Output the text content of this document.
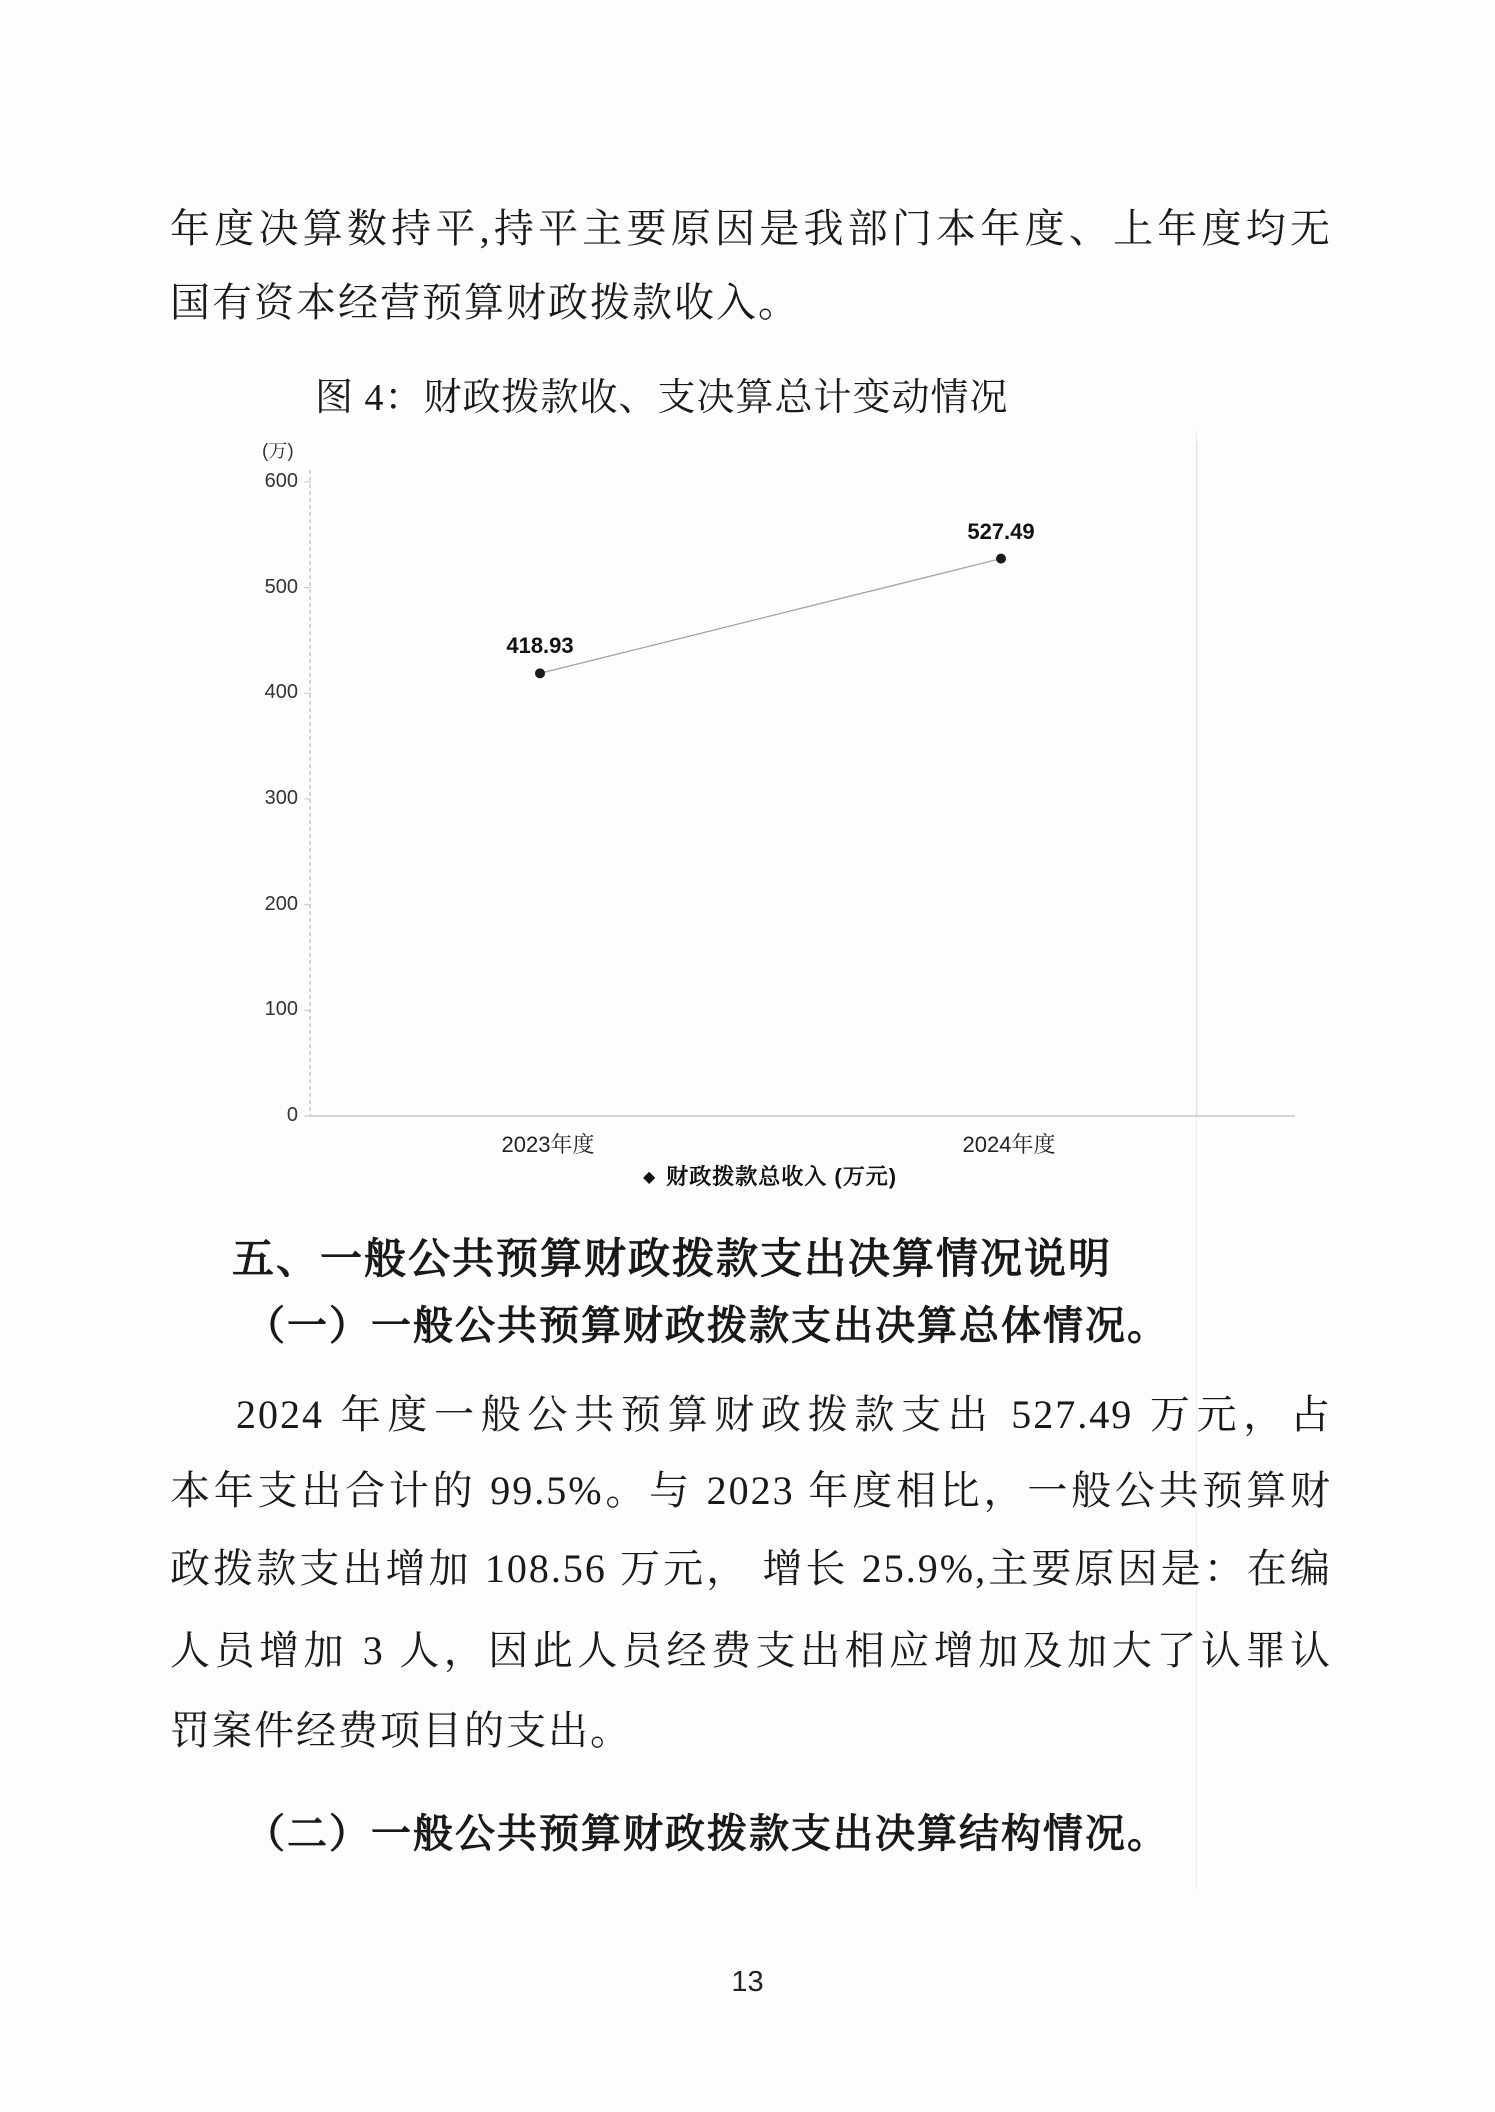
年度决算数持平,持平主要原因是我部门本年度、上年度均无
国有资本经营预算财政拨款收入。
图 4：财政拨款收、支决算总计变动情况
(万)
0
100
200
300
400
500
600
418.93
527.49
2023年度	2024年度
◆ 财政拨款总收入 (万元)
五、一般公共预算财政拨款支出决算情况说明
（一）一般公共预算财政拨款支出决算总体情况。
2024 年度一般公共预算财政拨款支出 527.49 万元，占
本年支出合计的 99.5%。与 2023 年度相比，一般公共预算财
政拨款支出增加 108.56 万元， 增长 25.9%,主要原因是：在编
人员增加 3 人，因此人员经费支出相应增加及加大了认罪认
罚案件经费项目的支出。
（二）一般公共预算财政拨款支出决算结构情况。
13
